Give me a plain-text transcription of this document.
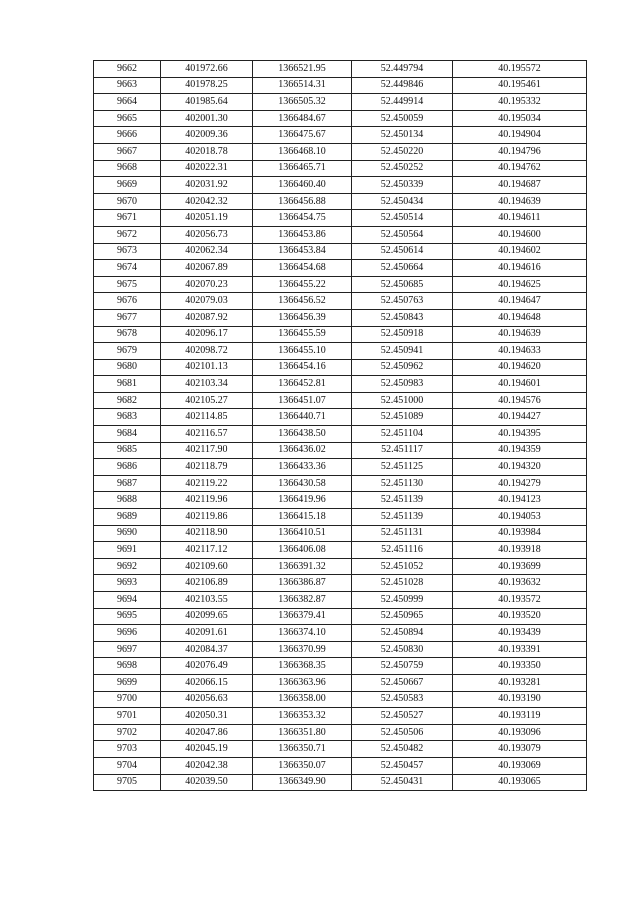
9662	401972.66	1366521.95	52.449794	40.195572
9663	401978.25	1366514.31	52.449846	40.195461
9664	401985.64	1366505.32	52.449914	40.195332
9665	402001.30	1366484.67	52.450059	40.195034
9666	402009.36	1366475.67	52.450134	40.194904
9667	402018.78	1366468.10	52.450220	40.194796
9668	402022.31	1366465.71	52.450252	40.194762
9669	402031.92	1366460.40	52.450339	40.194687
9670	402042.32	1366456.88	52.450434	40.194639
9671	402051.19	1366454.75	52.450514	40.194611
9672	402056.73	1366453.86	52.450564	40.194600
9673	402062.34	1366453.84	52.450614	40.194602
9674	402067.89	1366454.68	52.450664	40.194616
9675	402070.23	1366455.22	52.450685	40.194625
9676	402079.03	1366456.52	52.450763	40.194647
9677	402087.92	1366456.39	52.450843	40.194648
9678	402096.17	1366455.59	52.450918	40.194639
9679	402098.72	1366455.10	52.450941	40.194633
9680	402101.13	1366454.16	52.450962	40.194620
9681	402103.34	1366452.81	52.450983	40.194601
9682	402105.27	1366451.07	52.451000	40.194576
9683	402114.85	1366440.71	52.451089	40.194427
9684	402116.57	1366438.50	52.451104	40.194395
9685	402117.90	1366436.02	52.451117	40.194359
9686	402118.79	1366433.36	52.451125	40.194320
9687	402119.22	1366430.58	52.451130	40.194279
9688	402119.96	1366419.96	52.451139	40.194123
9689	402119.86	1366415.18	52.451139	40.194053
9690	402118.90	1366410.51	52.451131	40.193984
9691	402117.12	1366406.08	52.451116	40.193918
9692	402109.60	1366391.32	52.451052	40.193699
9693	402106.89	1366386.87	52.451028	40.193632
9694	402103.55	1366382.87	52.450999	40.193572
9695	402099.65	1366379.41	52.450965	40.193520
9696	402091.61	1366374.10	52.450894	40.193439
9697	402084.37	1366370.99	52.450830	40.193391
9698	402076.49	1366368.35	52.450759	40.193350
9699	402066.15	1366363.96	52.450667	40.193281
9700	402056.63	1366358.00	52.450583	40.193190
9701	402050.31	1366353.32	52.450527	40.193119
9702	402047.86	1366351.80	52.450506	40.193096
9703	402045.19	1366350.71	52.450482	40.193079
9704	402042.38	1366350.07	52.450457	40.193069
9705	402039.50	1366349.90	52.450431	40.193065
